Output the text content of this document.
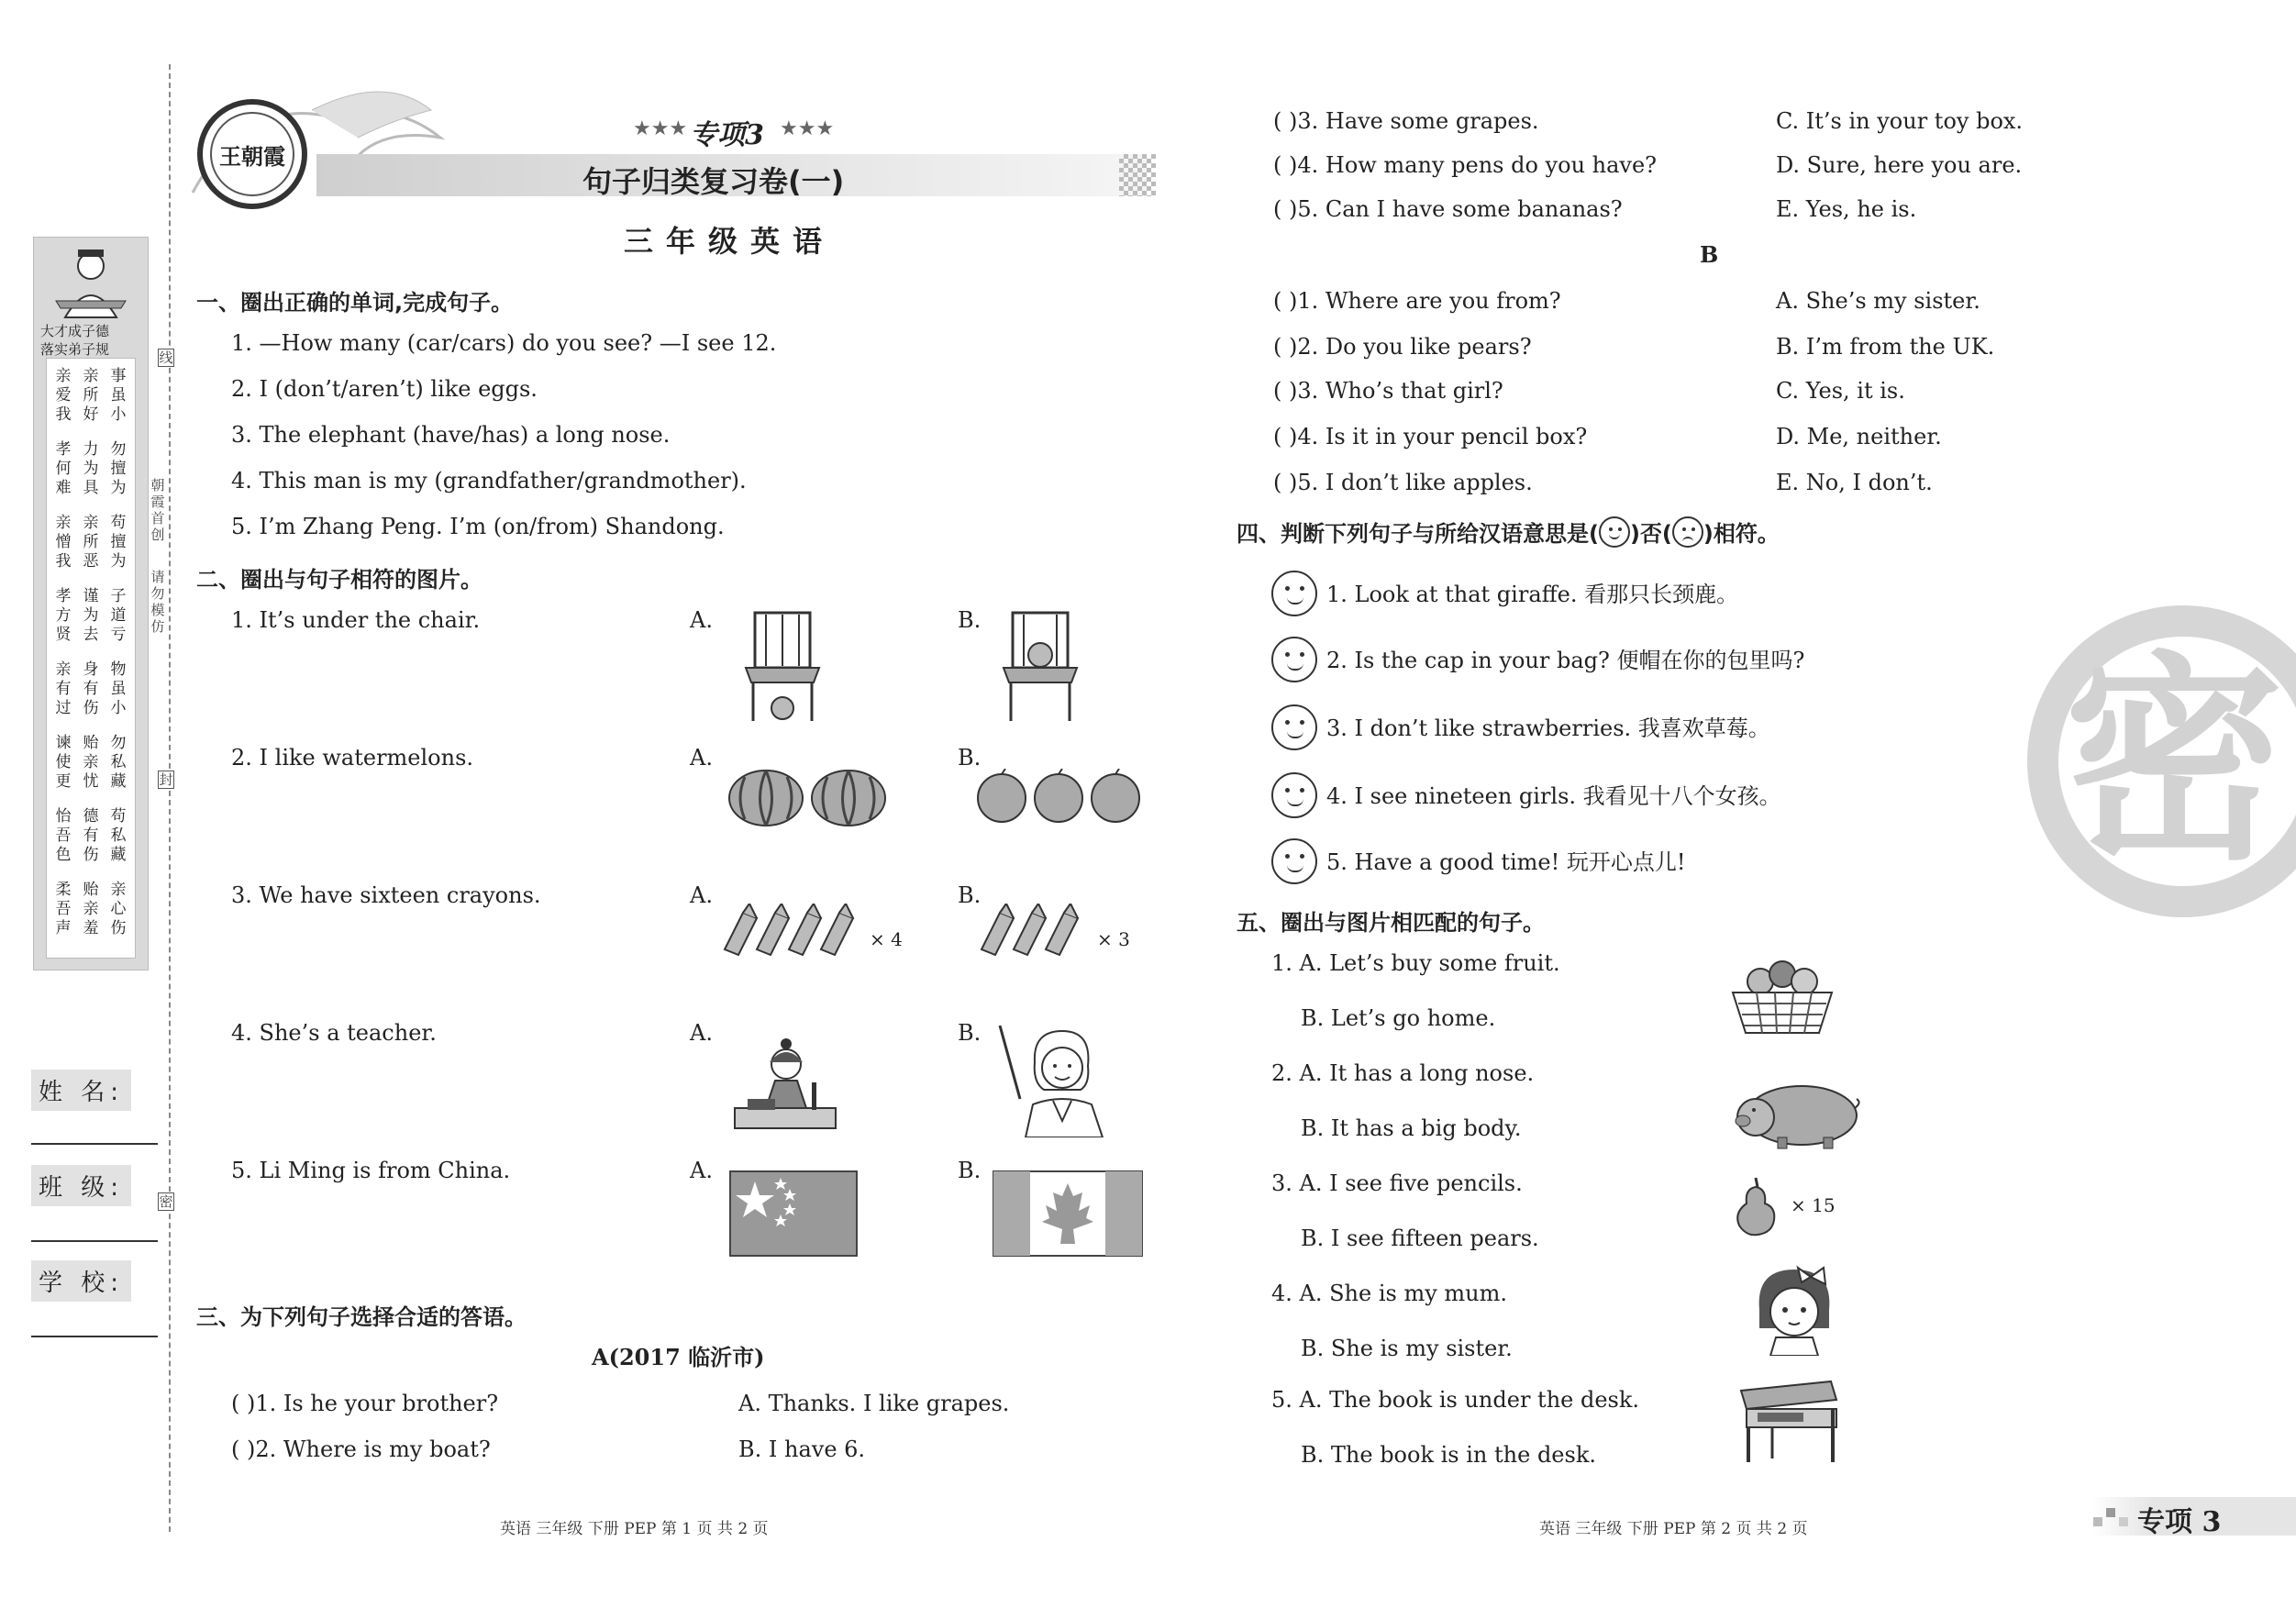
线
封
密
朝霞首创
请勿模仿
大才成子德
落实弟子规
亲爱我
亲所好
事虽小
孝何难
力为具
勿擅为
亲憎我
亲所恶
苟擅为
孝方贤
谨为去
子道亏
亲有过
身有伤
物虽小
谏使更
贻亲忧
勿私藏
怡吾色
德有伤
苟私藏
柔吾声
贻亲羞
亲心伤
姓 名:
班 级:
学 校:
王朝霞
★★★ 专项3 ★★★
句子归类复习卷(一)
三年级英语
一、圈出正确的单词,完成句子。
1. —How many (car/cars) do you see? —I see 12.
2. I (don’t/aren’t) like eggs.
3. The elephant (have/has) a long nose.
4. This man is my (grandfather/grandmother).
5. I’m Zhang Peng. I’m (on/from) Shandong.
二、圈出与句子相符的图片。
1. It’s under the chair.	A.	B.
2. I like watermelons.	A.	B.
3. We have sixteen crayons.	A.	B.
× 4	× 3
4. She’s a teacher.	A.	B.
5. Li Ming is from China.	A.	B.
三、为下列句子选择合适的答语。
A(2017 临沂市)
( )1. Is he your brother?	A. Thanks. I like grapes.
( )2. Where is my boat?	B. I have 6.
英语 三年级 下册 PEP 第 1 页 共 2 页
( )3. Have some grapes.	C. It’s in your toy box.
( )4. How many pens do you have?	D. Sure, here you are.
( )5. Can I have some bananas?	E. Yes, he is.
B
( )1. Where are you from?	A. She’s my sister.
( )2. Do you like pears?	B. I’m from the UK.
( )3. Who’s that girl?	C. Yes, it is.
( )4. Is it in your pencil box?	D. Me, neither.
( )5. I don’t like apples.	E. No, I don’t.
四、判断下列句子与所给汉语意思是( )否( )相符。
1. Look at that giraffe. 看那只长颈鹿。
2. Is the cap in your bag? 便帽在你的包里吗?
3. I don’t like strawberries. 我喜欢草莓。
4. I see nineteen girls. 我看见十八个女孩。
5. Have a good time! 玩开心点儿!
五、圈出与图片相匹配的句子。
1. A. Let’s buy some fruit.
B. Let’s go home.
2. A. It has a long nose.
B. It has a big body.
3. A. I see five pencils.
B. I see fifteen pears.
× 15
4. A. She is my mum.
B. She is my sister.
5. A. The book is under the desk.
B. The book is in the desk.
密
英语 三年级 下册 PEP 第 2 页 共 2 页	专项 3
